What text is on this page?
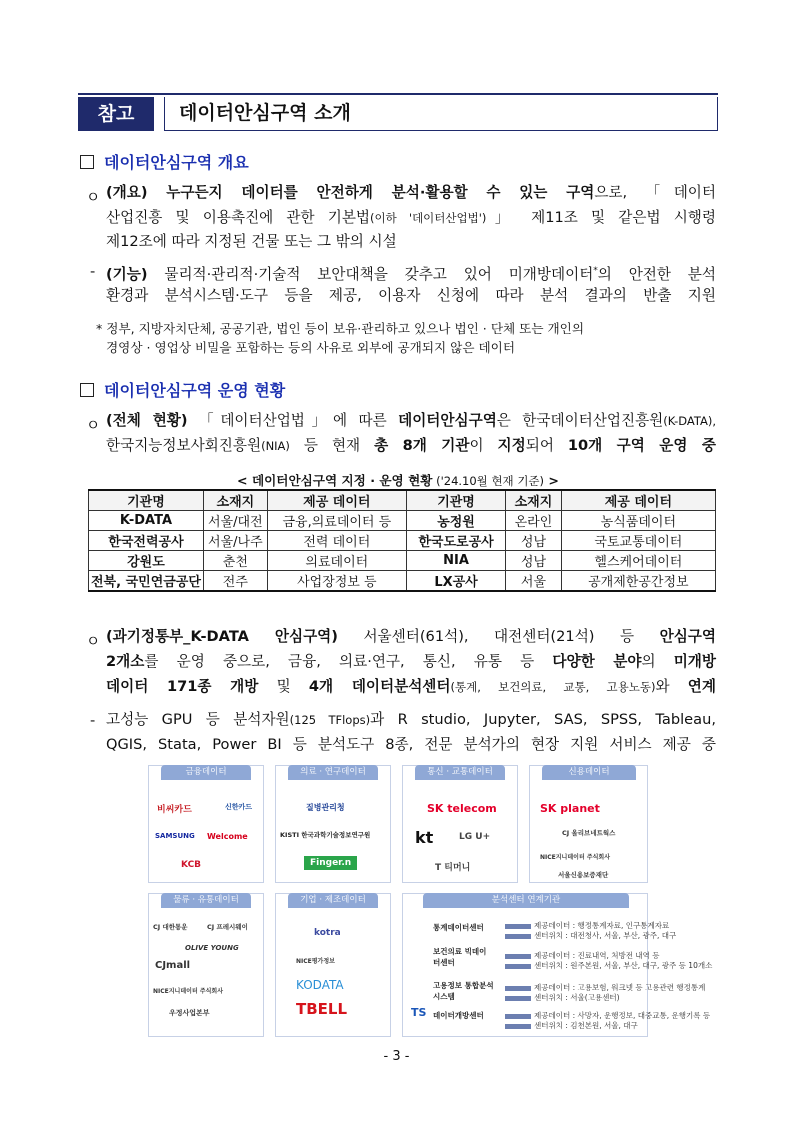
참고	데이터안심구역 소개
데이터안심구역 개요
ㅇ (개요) 누구든지 데이터를 안전하게 분석·활용할 수 있는 구역으로, 「데이터
산업진흥 및 이용촉진에 관한 기본법(이하 '데이터산업법')」 제11조 및 같은법 시행령
제12조에 따라 지정된 건물 또는 그 밖의 시설
- (기능) 물리적·관리적·기술적 보안대책을 갖추고 있어 미개방데이터*의 안전한 분석
환경과 분석시스템·도구 등을 제공, 이용자 신청에 따라 분석 결과의 반출 지원
* 정부, 지방자치단체, 공공기관, 법인 등이 보유·관리하고 있으나 법인 · 단체 또는 개인의
경영상 · 영업상 비밀을 포함하는 등의 사유로 외부에 공개되지 않은 데이터
데이터안심구역 운영 현황
ㅇ (전체 현황) 「데이터산업법」에 따른 데이터안심구역은 한국데이터산업진흥원(K-DATA),
한국지능정보사회진흥원(NIA) 등 현재 총 8개 기관이 지정되어 10개 구역 운영 중
< 데이터안심구역 지정 · 운영 현황 ('24.10월 현재 기준) >
기관명	소재지	제공 데이터	기관명	소재지	제공 데이터
K-DATA	서울/대전	금융,의료데이터 등	농정원	온라인	농식품데이터
한국전력공사	서울/나주	전력 데이터	한국도로공사	성남	국토교통데이터
강원도	춘천	의료데이터	NIA	성남	헬스케어데이터
전북, 국민연금공단	전주	사업장정보 등	LX공사	서울	공개제한공간정보
ㅇ (과기정통부_K-DATA 안심구역) 서울센터(61석), 대전센터(21석) 등 안심구역
2개소를 운영 중으로, 금융, 의료·연구, 통신, 유통 등 다양한 분야의 미개방
데이터 171종 개방 및 4개 데이터분석센터(통계, 보건의료, 교통, 고용노동)와 연계
- 고성능 GPU 등 분석자원(125 TFlops)과 R studio, Jupyter, SAS, SPSS, Tableau,
QGIS, Stata, Power BI 등 분석도구 8종, 전문 분석가의 현장 지원 서비스 제공 중
금융데이터
비씨카드	신한카드
SAMSUNG Welcome
KCB
의료 · 연구데이터
질병관리청
KISTI 한국과학기술정보연구원
Finger.n
통신 · 교통데이터
SK telecom
kt	LG U+
T 티머니
신용데이터
SK planet
CJ 올리브네트웍스
NICE지니데이터 주식회사
서울신용보증재단
물류 · 유통데이터
CJ 대한통운	CJ 프레시웨이
OLIVE YOUNG
CJmall
NICE지니데이터 주식회사
우정사업본부
기업 · 제조데이터
kotra
NICE평가정보
KODATA
TBELL
분석센터 연계기관
통계데이터센터
보건의료 빅데이터센터
고용정보 통합분석시스템
TS 데이터개방센터
제공데이터 : 행정통계자료, 인구통계자료
센터위치 : 대전청사, 서울, 부산, 광주, 대구
제공데이터 : 진료내역, 처방전 내역 등
센터위치 : 원주본원, 서울, 부산, 대구, 광주 등 10개소
제공데이터 : 고용보험, 워크넷 등 고용관련 행정통계
센터위치 : 서울(고용센터)
제공데이터 : 사망자, 운행정보, 대중교통, 운행기록 등
센터위치 : 김천본원, 서울, 대구
- 3 -
